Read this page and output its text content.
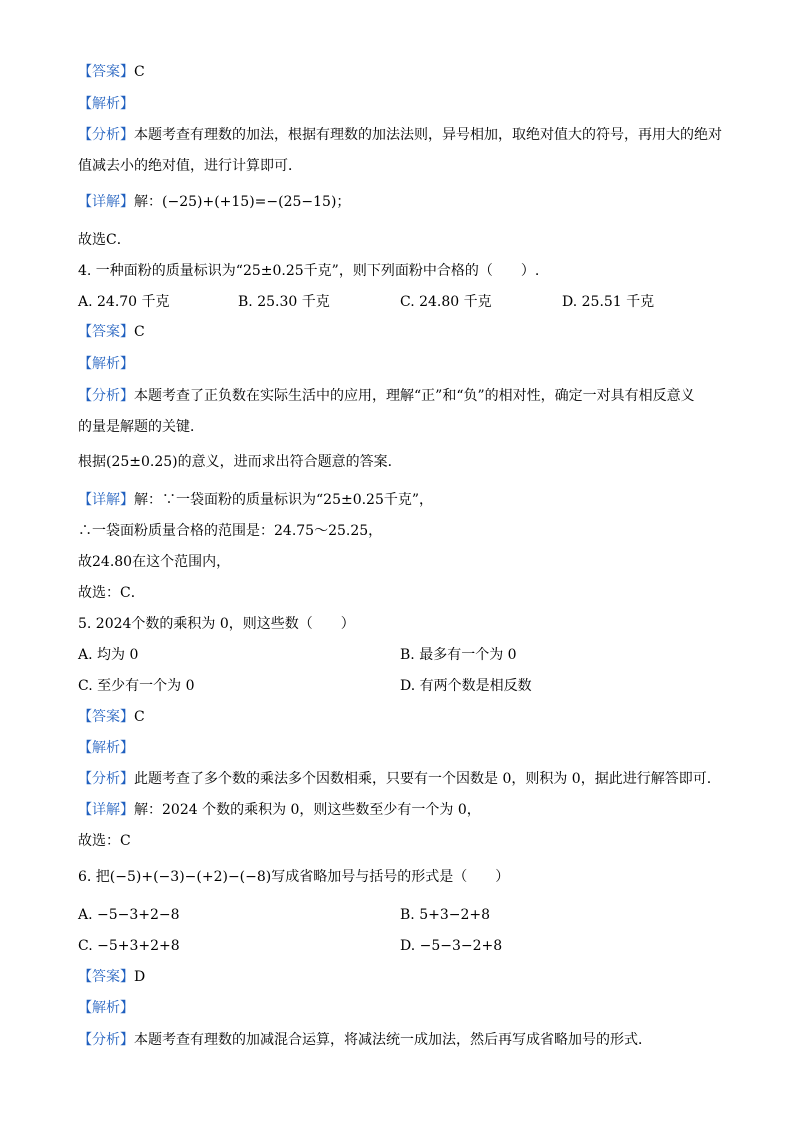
【答案】C
【解析】
【分析】本题考查有理数的加法，根据有理数的加法法则，异号相加，取绝对值大的符号，再用大的绝对
值减去小的绝对值，进行计算即可．
【详解】解：(−25)+(+15)=−(25−15)；
故选C．
4. 一种面粉的质量标识为“25±0.25千克”，则下列面粉中合格的（　　）.
A. 24.70 千克	B. 25.30 千克	C. 24.80 千克	D. 25.51 千克
【答案】C
【解析】
【分析】本题考查了正负数在实际生活中的应用，理解“正”和“负”的相对性，确定一对具有相反意义
的量是解题的关键．
根据(25±0.25)的意义，进而求出符合题意的答案．
【详解】解：∵一袋面粉的质量标识为“25±0.25千克”，
∴一袋面粉质量合格的范围是：24.75～25.25，
故24.80在这个范围内，
故选：C．
5. 2024个数的乘积为 0，则这些数（　　）
A. 均为 0	B. 最多有一个为 0
C. 至少有一个为 0	D. 有两个数是相反数
【答案】C
【解析】
【分析】此题考查了多个数的乘法多个因数相乘，只要有一个因数是 0，则积为 0，据此进行解答即可.
【详解】解：2024 个数的乘积为 0，则这些数至少有一个为 0，
故选：C
6. 把(−5)+(−3)−(+2)−(−8)写成省略加号与括号的形式是（　　）
A. −5−3+2−8	B. 5+3−2+8
C. −5+3+2+8	D. −5−3−2+8
【答案】D
【解析】
【分析】本题考查有理数的加减混合运算，将减法统一成加法，然后再写成省略加号的形式．
